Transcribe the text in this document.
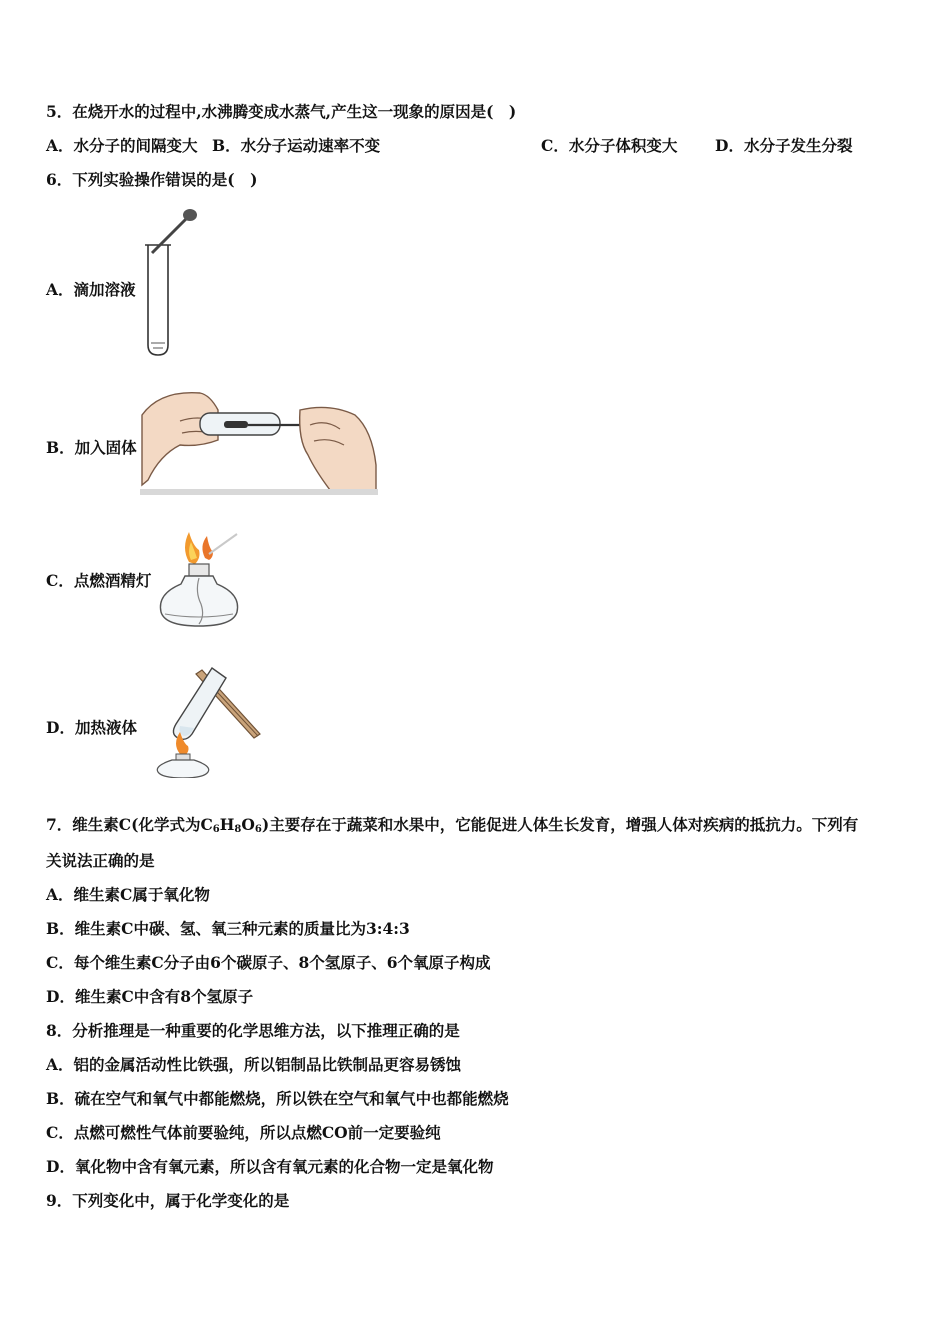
5．在烧开水的过程中,水沸腾变成水蒸气,产生这一现象的原因是(　)
A．水分子的间隔变大 B．水分子运动速率不变	C．水分子体积变大 D．水分子发生分裂
6．下列实验操作错误的是(　)
A．滴加溶液
B．加入固体
C．点燃酒精灯
D．加热液体
7．维生素C(化学式为$C_6H_8O_6$)主要存在于蔬菜和水果中，它能促进人体生长发育，增强人体对疾病的抵抗力。下列有
关说法正确的是
A．维生素C属于氧化物
B．维生素C中碳、氢、氧三种元素的质量比为3:4:3
C．每个维生素C分子由6个碳原子、8个氢原子、6个氧原子构成
D．维生素C中含有8个氢原子
8．分析推理是一种重要的化学思维方法，以下推理正确的是
A．铝的金属活动性比铁强，所以铝制品比铁制品更容易锈蚀
B．硫在空气和氧气中都能燃烧，所以铁在空气和氧气中也都能燃烧
C．点燃可燃性气体前要验纯，所以点燃CO前一定要验纯
D．氧化物中含有氧元素，所以含有氧元素的化合物一定是氧化物
9．下列变化中，属于化学变化的是
